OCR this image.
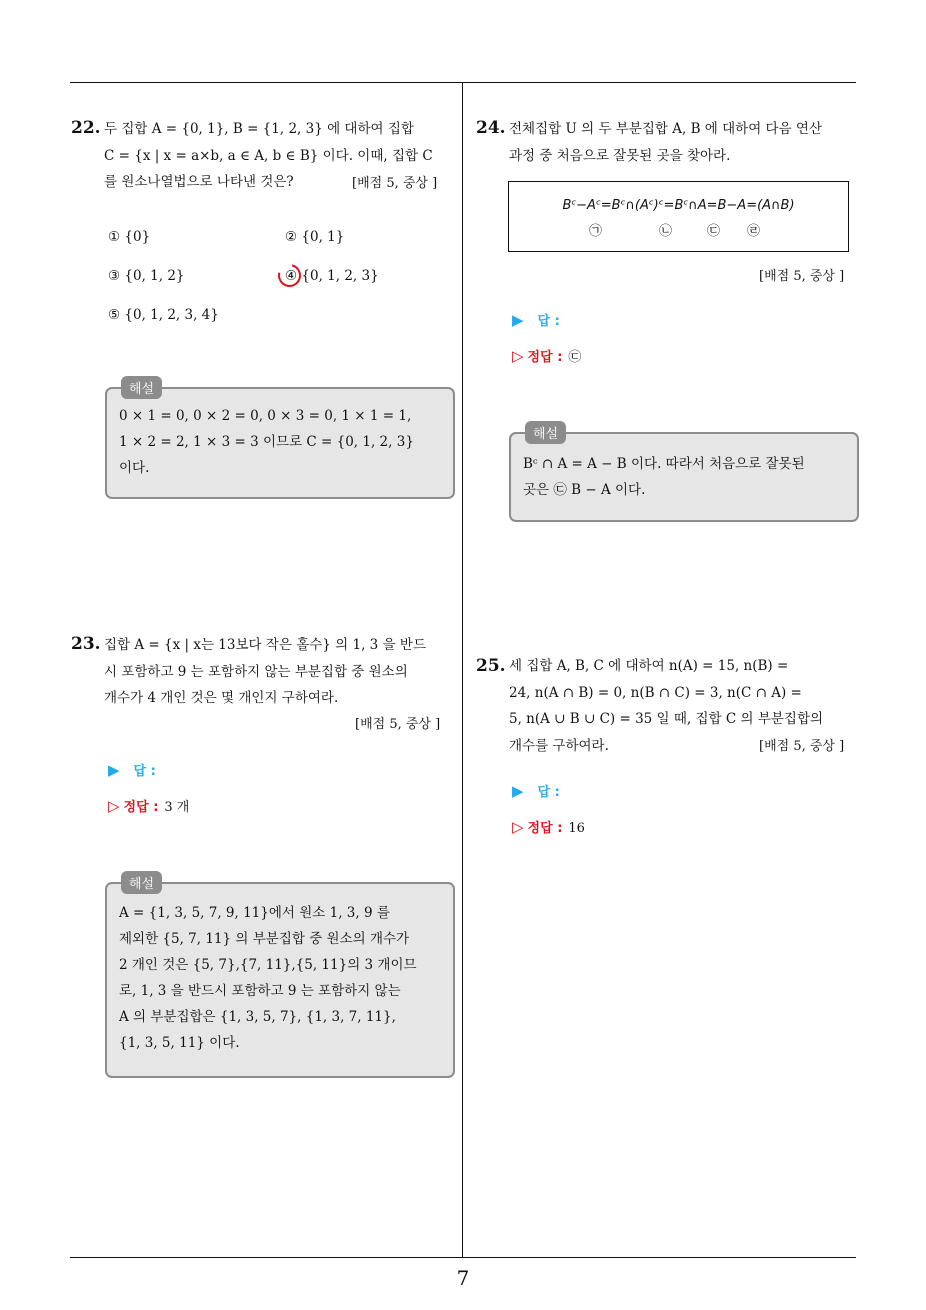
7
22. 두 집합 A = {0, 1}, B = {1, 2, 3} 에 대하여 집합
C = {x | x = a×b, a ∈ A, b ∈ B} 이다. 이때, 집합 C
를 원소나열법으로 나타낸 것은?	[배점 5, 중상 ]
① {0}	② {0, 1}
③ {0, 1, 2}	④ {0, 1, 2, 3}
⑤ {0, 1, 2, 3, 4}
해설
0 × 1 = 0, 0 × 2 = 0, 0 × 3 = 0, 1 × 1 = 1,
1 × 2 = 2, 1 × 3 = 3 이므로 C = {0, 1, 2, 3}
이다.
23. 집합 A = {x | x는 13보다 작은 홀수} 의 1, 3 을 반드
시 포함하고 9 는 포함하지 않는 부분집합 중 원소의
개수가 4 개인 것은 몇 개인지 구하여라.
[배점 5, 중상 ]
▶ 답 :
▷ 정답 : 3 개
해설
A = {1, 3, 5, 7, 9, 11}에서 원소 1, 3, 9 를
제외한 {5, 7, 11} 의 부분집합 중 원소의 개수가
2 개인 것은 {5, 7},{7, 11},{5, 11}의 3 개이므
로, 1, 3 을 반드시 포함하고 9 는 포함하지 않는
A 의 부분집합은 {1, 3, 5, 7}, {1, 3, 7, 11},
{1, 3, 5, 11} 이다.
24. 전체집합 U 의 두 부분집합 A, B 에 대하여 다음 연산
과정 중 처음으로 잘못된 곳을 찾아라.
Bᶜ−Aᶜ=Bᶜ∩(Aᶜ)ᶜ=Bᶜ∩A=B−A=(A∩B)
㉠	㉡	㉢ ㉣
[배점 5, 중상 ]
▶ 답 :
▷ 정답 : ㉢
해설
Bᶜ ∩ A = A − B 이다. 따라서 처음으로 잘못된
곳은 ㉢ B − A 이다.
25. 세 집합 A, B, C 에 대하여 n(A) = 15, n(B) =
24, n(A ∩ B) = 0, n(B ∩ C) = 3, n(C ∩ A) =
5, n(A ∪ B ∪ C) = 35 일 때, 집합 C 의 부분집합의
개수를 구하여라.	[배점 5, 중상 ]
▶ 답 :
▷ 정답 : 16
